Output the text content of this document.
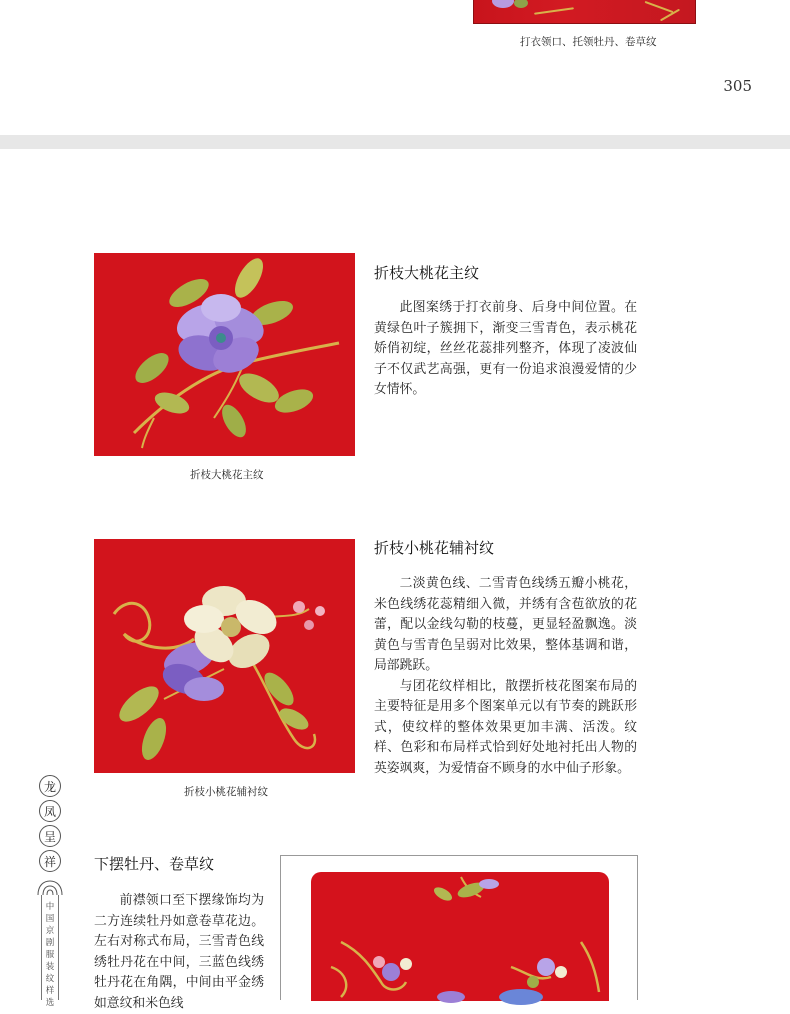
打衣领口、托领牡丹、卷草纹
305
折枝大桃花主纹
折枝大桃花主纹

此图案绣于打衣前身、后身中间位置。在黄绿色叶子簇拥下，渐变三雪青色，表示桃花娇俏初绽，丝丝花蕊排列整齐，体现了凌波仙子不仅武艺高强，更有一份追求浪漫爱情的少女情怀。

折枝小桃花辅衬纹
折枝小桃花辅衬纹

二淡黄色线、二雪青色线绣五瓣小桃花，米色线绣花蕊精细入微，并绣有含苞欲放的花蕾，配以金线勾勒的枝蔓，更显轻盈飘逸。淡黄色与雪青色呈弱对比效果，整体基调和谐，局部跳跃。

与团花纹样相比，散摆折枝花图案布局的主要特征是用多个图案单元以有节奏的跳跃形式，使纹样的整体效果更加丰满、活泼。纹样、色彩和布局样式恰到好处地衬托出人物的英姿飒爽，为爱情奋不顾身的水中仙子形象。

龙
凤
呈
祥
中国京剧服装纹样选
下摆牡丹、卷草纹

前襟领口至下摆缘饰均为二方连续牡丹如意卷草花边。左右对称式布局，三雪青色线绣牡丹花在中间，三蓝色线绣牡丹花在角隅，中间由平金绣如意纹和米色线
